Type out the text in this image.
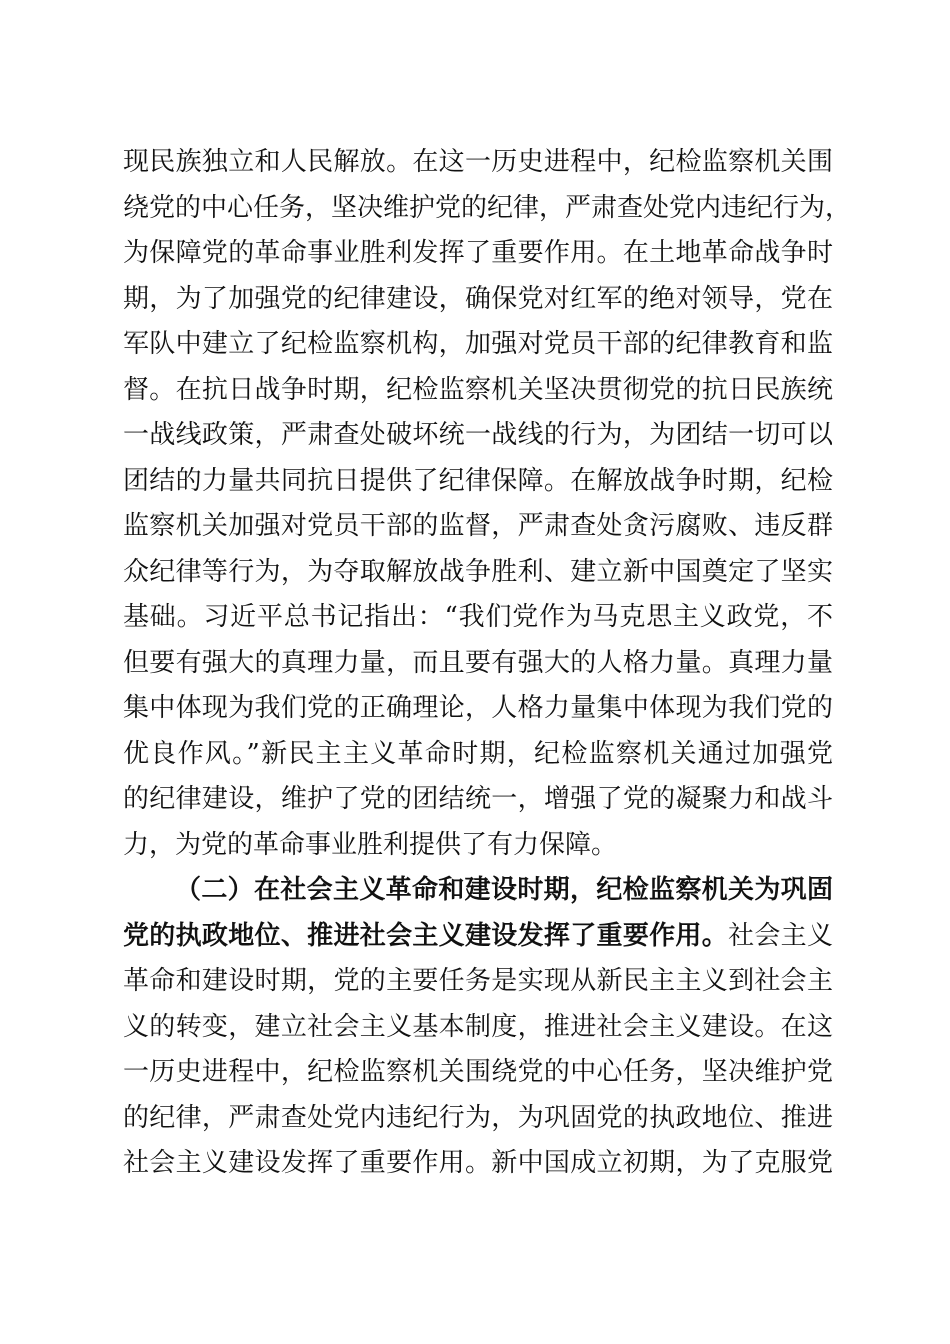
现民族独立和人民解放。在这一历史进程中，纪检监察机关围
绕党的中心任务，坚决维护党的纪律，严肃查处党内违纪行为，
为保障党的革命事业胜利发挥了重要作用。在土地革命战争时
期，为了加强党的纪律建设，确保党对红军的绝对领导，党在
军队中建立了纪检监察机构，加强对党员干部的纪律教育和监
督。在抗日战争时期，纪检监察机关坚决贯彻党的抗日民族统
一战线政策，严肃查处破坏统一战线的行为，为团结一切可以
团结的力量共同抗日提供了纪律保障。在解放战争时期，纪检
监察机关加强对党员干部的监督，严肃查处贪污腐败、违反群
众纪律等行为，为夺取解放战争胜利、建立新中国奠定了坚实
基础。习近平总书记指出：“我们党作为马克思主义政党，不
但要有强大的真理力量，而且要有强大的人格力量。真理力量
集中体现为我们党的正确理论，人格力量集中体现为我们党的
优良作风。”新民主主义革命时期，纪检监察机关通过加强党
的纪律建设，维护了党的团结统一，增强了党的凝聚力和战斗
力，为党的革命事业胜利提供了有力保障。
（二）在社会主义革命和建设时期，纪检监察机关为巩固
党的执政地位、推进社会主义建设发挥了重要作用。社会主义
革命和建设时期，党的主要任务是实现从新民主主义到社会主
义的转变，建立社会主义基本制度，推进社会主义建设。在这
一历史进程中，纪检监察机关围绕党的中心任务，坚决维护党
的纪律，严肃查处党内违纪行为，为巩固党的执政地位、推进
社会主义建设发挥了重要作用。新中国成立初期，为了克服党
